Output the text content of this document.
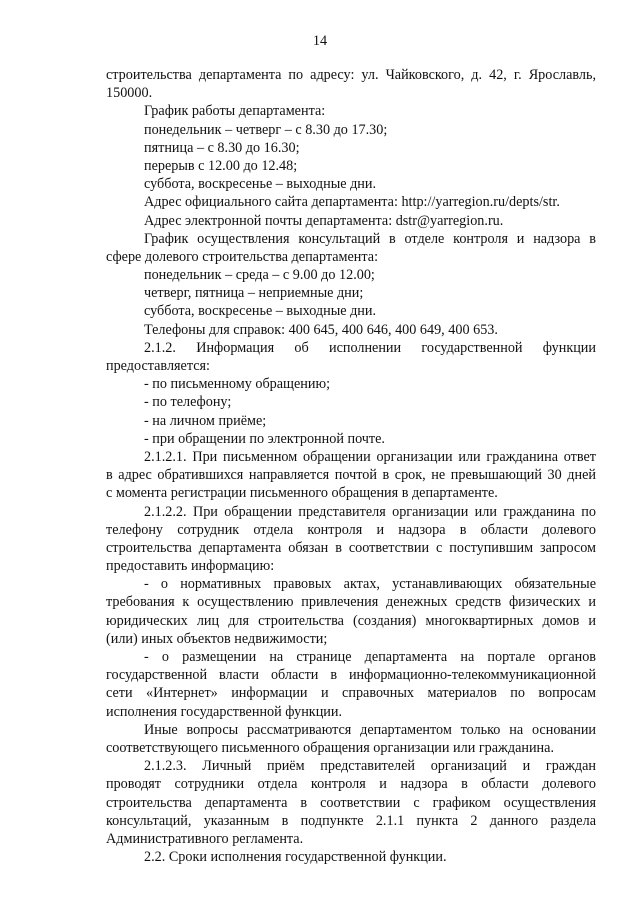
14
строительства департамента по адресу: ул. Чайковского, д. 42, г. Ярославль,
150000.
График работы департамента:
понедельник – четверг – с 8.30 до 17.30;
пятница – с 8.30 до 16.30;
перерыв с 12.00 до 12.48;
суббота, воскресенье – выходные дни.
Адрес официального сайта департамента: http://yarregion.ru/depts/str.
Адрес электронной почты департамента: dstr@yarregion.ru.
График осуществления консультаций в отделе контроля и надзора в
сфере долевого строительства департамента:
понедельник – среда – с 9.00 до 12.00;
четверг, пятница – неприемные дни;
суббота, воскресенье – выходные дни.
Телефоны для справок: 400 645, 400 646, 400 649, 400 653.
2.1.2. Информация об исполнении государственной функции
предоставляется:
- по письменному обращению;
- по телефону;
- на личном приёме;
- при обращении по электронной почте.
2.1.2.1. При письменном обращении организации или гражданина ответ
в адрес обратившихся направляется почтой в срок, не превышающий 30 дней
с момента регистрации письменного обращения в департаменте.
2.1.2.2. При обращении представителя организации или гражданина по
телефону сотрудник отдела контроля и надзора в области долевого
строительства департамента обязан в соответствии с поступившим запросом
предоставить информацию:
- о нормативных правовых актах, устанавливающих обязательные
требования к осуществлению привлечения денежных средств физических и
юридических лиц для строительства (создания) многоквартирных домов и
(или) иных объектов недвижимости;
- о размещении на странице департамента на портале органов
государственной власти области в информационно-телекоммуникационной
сети «Интернет» информации и справочных материалов по вопросам
исполнения государственной функции.
Иные вопросы рассматриваются департаментом только на основании
соответствующего письменного обращения организации или гражданина.
2.1.2.3. Личный приём представителей организаций и граждан
проводят сотрудники отдела контроля и надзора в области долевого
строительства департамента в соответствии с графиком осуществления
консультаций, указанным в подпункте 2.1.1 пункта 2 данного раздела
Административного регламента.
2.2. Сроки исполнения государственной функции.
